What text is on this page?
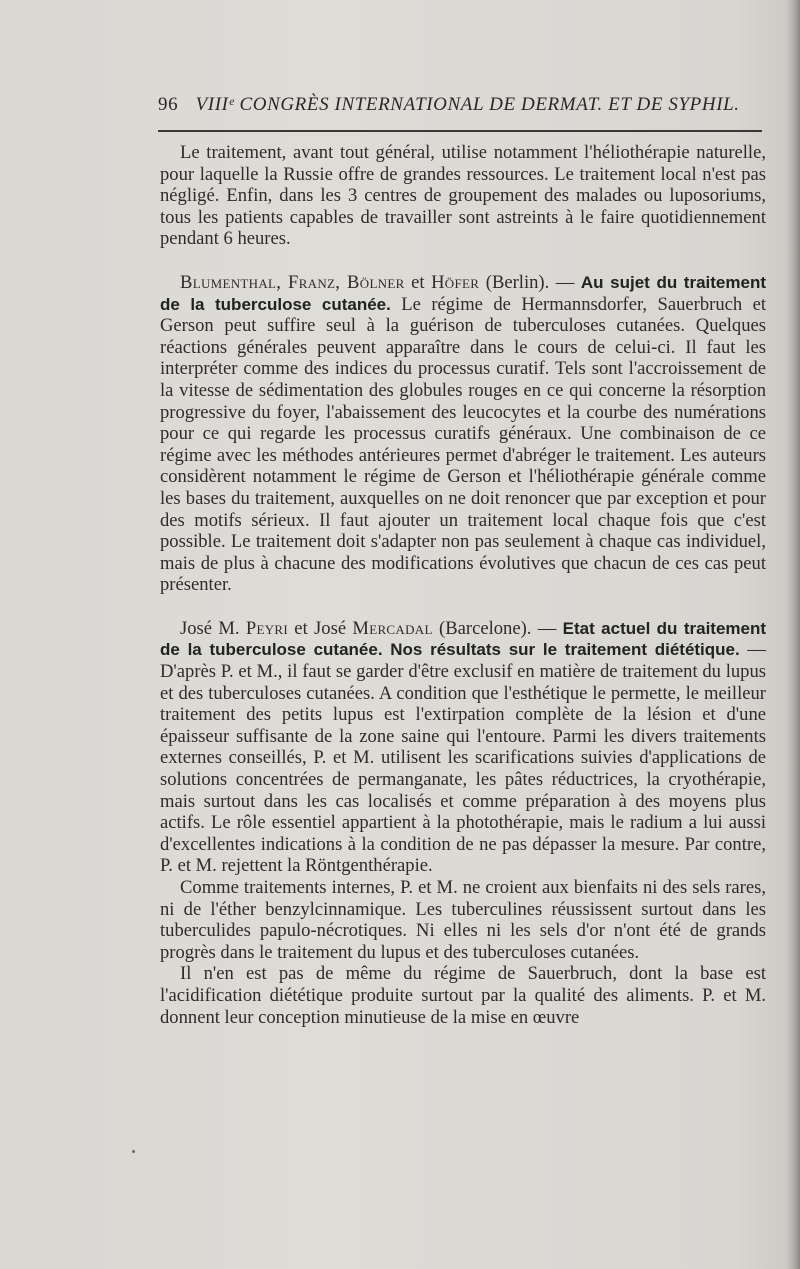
96 VIIIᵉ CONGRÈS INTERNATIONAL DE DERMAT. ET DE SYPHIL.

Le traitement, avant tout général, utilise notamment l'héliothérapie naturelle, pour laquelle la Russie offre de grandes ressources. Le traitement local n'est pas négligé. Enfin, dans les 3 centres de groupement des malades ou luposoriums, tous les patients capables de travailler sont astreints à le faire quotidiennement pendant 6 heures.

Blumenthal, Franz, Bölner et Höfer (Berlin). — Au sujet du traitement de la tuberculose cutanée. Le régime de Hermannsdorfer, Sauerbruch et Gerson peut suffire seul à la guérison de tuberculoses cutanées. Quelques réactions générales peuvent apparaître dans le cours de celui-ci. Il faut les interpréter comme des indices du processus curatif. Tels sont l'accroissement de la vitesse de sédimentation des globules rouges en ce qui concerne la résorption progressive du foyer, l'abaissement des leucocytes et la courbe des numérations pour ce qui regarde les processus curatifs généraux. Une combinaison de ce régime avec les méthodes antérieures permet d'abréger le traitement. Les auteurs considèrent notamment le régime de Gerson et l'héliothérapie générale comme les bases du traitement, auxquelles on ne doit renoncer que par exception et pour des motifs sérieux. Il faut ajouter un traitement local chaque fois que c'est possible. Le traitement doit s'adapter non pas seulement à chaque cas individuel, mais de plus à chacune des modifications évolutives que chacun de ces cas peut présenter.

José M. Peyri et José Mercadal (Barcelone). — Etat actuel du traitement de la tuberculose cutanée. Nos résultats sur le traitement diététique. — D'après P. et M., il faut se garder d'être exclusif en matière de traitement du lupus et des tuberculoses cutanées. A condition que l'esthétique le permette, le meilleur traitement des petits lupus est l'extirpation complète de la lésion et d'une épaisseur suffisante de la zone saine qui l'entoure. Parmi les divers traitements externes conseillés, P. et M. utilisent les scarifications suivies d'applications de solutions concentrées de permanganate, les pâtes réductrices, la cryothérapie, mais surtout dans les cas localisés et comme préparation à des moyens plus actifs. Le rôle essentiel appartient à la photothérapie, mais le radium a lui aussi d'excellentes indications à la condition de ne pas dépasser la mesure. Par contre, P. et M. rejettent la Röntgenthérapie.

Comme traitements internes, P. et M. ne croient aux bienfaits ni des sels rares, ni de l'éther benzylcinnamique. Les tuberculines réussissent surtout dans les tuberculides papulo-nécrotiques. Ni elles ni les sels d'or n'ont été de grands progrès dans le traitement du lupus et des tuberculoses cutanées.

Il n'en est pas de même du régime de Sauerbruch, dont la base est l'acidification diététique produite surtout par la qualité des aliments. P. et M. donnent leur conception minutieuse de la mise en œuvre
